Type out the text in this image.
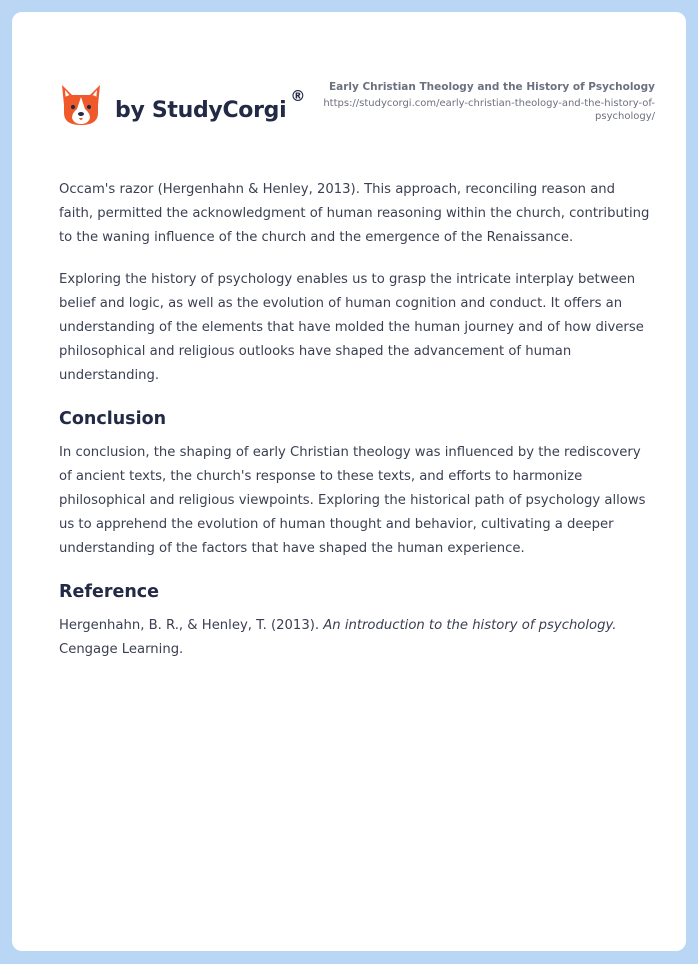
by StudyCorgi
®	Early Christian Theology and the History of Psychology
https://studycorgi.com/early-christian-theology-and-the-history-of-psychology/

Occam's razor (Hergenhahn & Henley, 2013). This approach, reconciling reason and faith, permitted the acknowledgment of human reasoning within the church, contributing to the waning influence of the church and the emergence of the Renaissance.

Exploring the history of psychology enables us to grasp the intricate interplay between belief and logic, as well as the evolution of human cognition and conduct. It offers an understanding of the elements that have molded the human journey and of how diverse philosophical and religious outlooks have shaped the advancement of human understanding.

Conclusion

In conclusion, the shaping of early Christian theology was influenced by the rediscovery of ancient texts, the church's response to these texts, and efforts to harmonize philosophical and religious viewpoints. Exploring the historical path of psychology allows us to apprehend the evolution of human thought and behavior, cultivating a deeper understanding of the factors that have shaped the human experience.

Reference

Hergenhahn, B. R., & Henley, T. (2013). An introduction to the history of psychology. Cengage Learning.
